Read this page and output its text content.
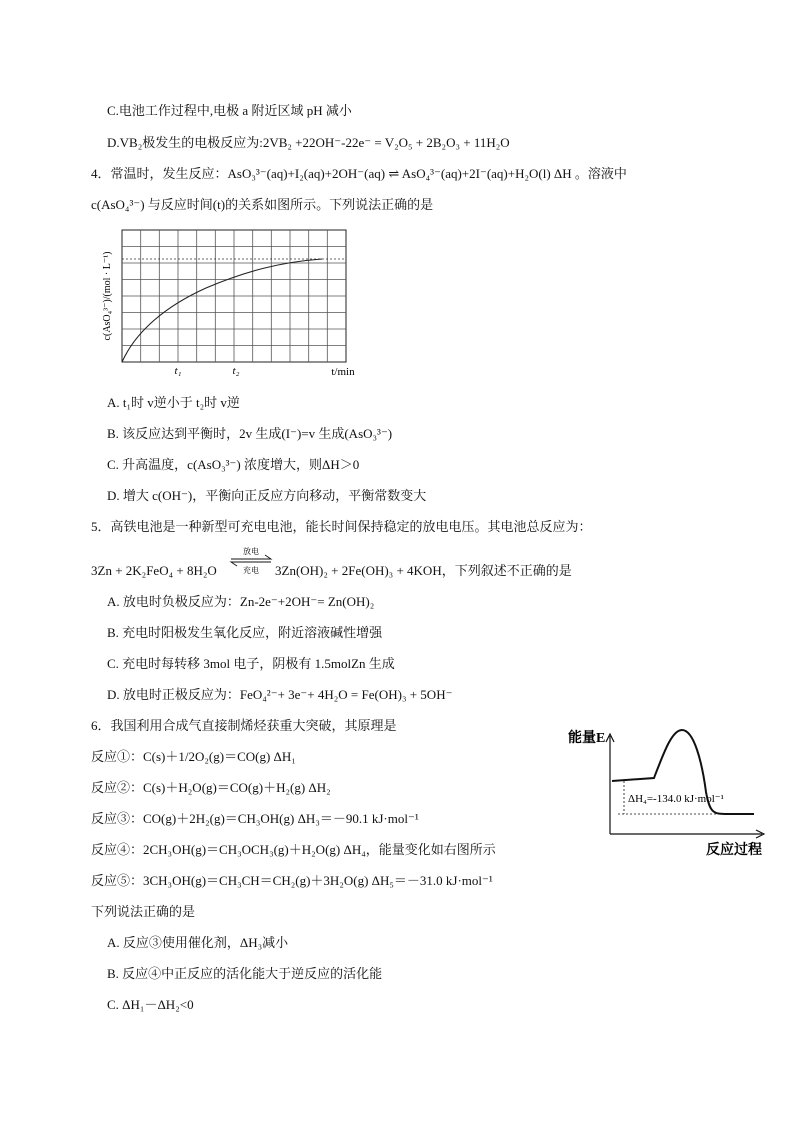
C.电池工作过程中,电极 a 附近区域 pH 减小
D.VB₂极发生的电极反应为:2VB₂ +22OH⁻-22e⁻ = V₂O₅ + 2B₂O₃ + 11H₂O
4．常温时，发生反应：AsO₃³⁻(aq)+I₂(aq)+2OH⁻(aq) ⇌ AsO₄³⁻(aq)+2I⁻(aq)+H₂O(l) ΔH 。溶液中
c(AsO₄³⁻) 与反应时间(t)的关系如图所示。下列说法正确的是
c(AsO₄³⁻)/(mol · L⁻¹)
t₁	t₂	t/min
A. t₁时 v逆小于 t₂时 v逆
B. 该反应达到平衡时，2v 生成(I⁻)=v 生成(AsO₃³⁻)
C. 升高温度，c(AsO₃³⁻) 浓度增大，则ΔH＞0
D. 增大 c(OH⁻)，平衡向正反应方向移动，平衡常数变大
5．高铁电池是一种新型可充电电池，能长时间保持稳定的放电电压。其电池总反应为：
3Zn + 2K₂FeO₄ + 8H₂O
放电
充电 3Zn(OH)₂ + 2Fe(OH)₃ + 4KOH，下列叙述不正确的是
A. 放电时负极反应为：Zn-2e⁻+2OH⁻= Zn(OH)₂
B. 充电时阳极发生氧化反应，附近溶液碱性增强
C. 充电时每转移 3mol 电子，阴极有 1.5molZn 生成
D. 放电时正极反应为：FeO₄²⁻+ 3e⁻+ 4H₂O = Fe(OH)₃ + 5OH⁻
6．我国利用合成气直接制烯烃获重大突破，其原理是
反应①：C(s)＋1/2O₂(g)＝CO(g) ΔH₁
反应②：C(s)＋H₂O(g)＝CO(g)＋H₂(g) ΔH₂
反应③：CO(g)＋2H₂(g)＝CH₃OH(g) ΔH₃＝－90.1 kJ·mol⁻¹
反应④：2CH₃OH(g)＝CH₃OCH₃(g)＋H₂O(g) ΔH₄，能量变化如右图所示
反应⑤：3CH₃OH(g)＝CH₃CH＝CH₂(g)＋3H₂O(g) ΔH₅＝－31.0 kJ·mol⁻¹
下列说法正确的是
A. 反应③使用催化剂，ΔH₃减小
B. 反应④中正反应的活化能大于逆反应的活化能
C. ΔH₁－ΔH₂<0
能量E
ΔH₄=-134.0 kJ·mol⁻¹
反应过程
